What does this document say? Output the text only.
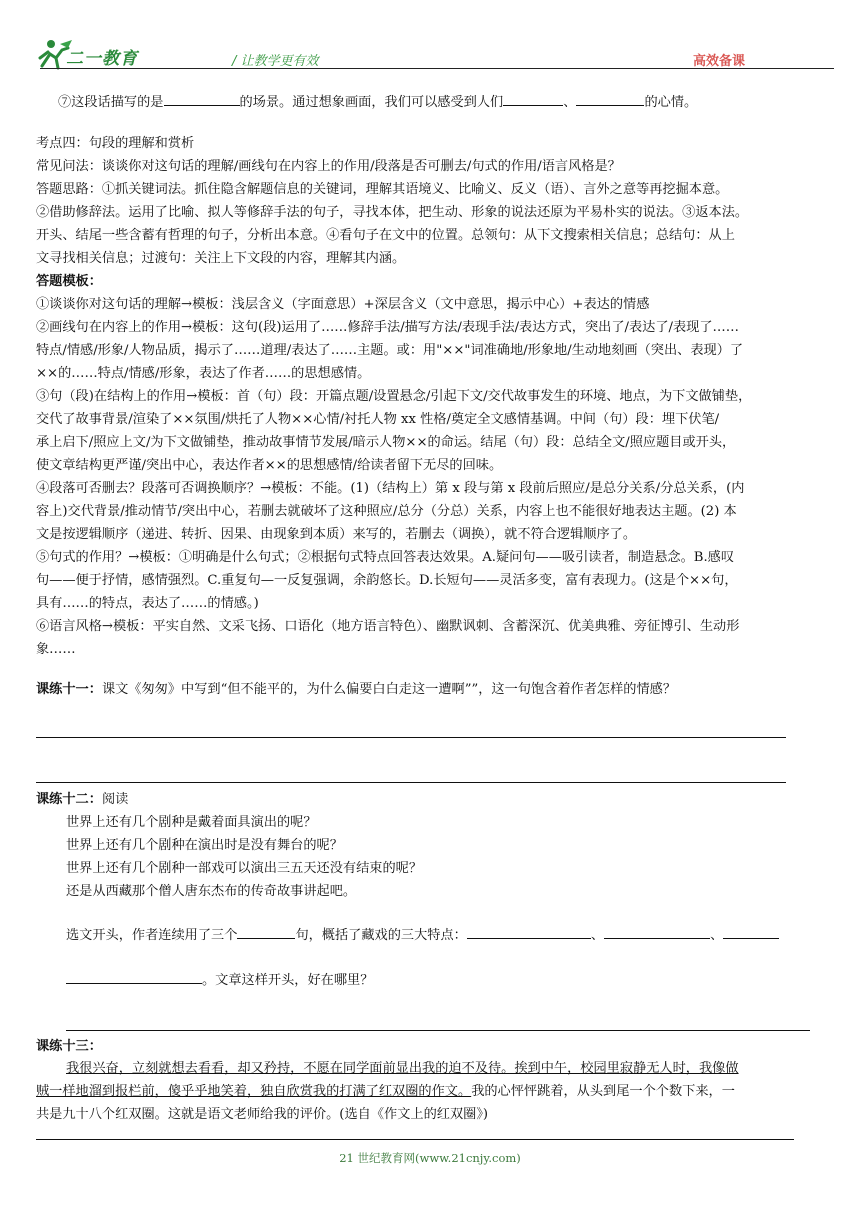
二一教育	/ 让教学更有效	高效备课
⑦这段话描写的是	的场景。通过想象画面，我们可以感受到人们	、	的心情。
考点四：句段的理解和赏析
常见问法：谈谈你对这句话的理解/画线句在内容上的作用/段落是否可删去/句式的作用/语言风格是？
答题思路：①抓关键词法。抓住隐含解题信息的关键词，理解其语境义、比喻义、反义（语）、言外之意等再挖掘本意。
②借助修辞法。运用了比喻、拟人等修辞手法的句子，寻找本体，把生动、形象的说法还原为平易朴实的说法。③返本法。
开头、结尾一些含蓄有哲理的句子，分析出本意。④看句子在文中的位置。总领句：从下文搜索相关信息；总结句：从上
文寻找相关信息；过渡句：关注上下文段的内容，理解其内涵。
答题模板：
①谈谈你对这句话的理解→模板：浅层含义（字面意思）+深层含义（文中意思，揭示中心）+表达的情感
②画线句在内容上的作用→模板：这句(段)运用了……修辞手法/描写方法/表现手法/表达方式，突出了/表达了/表现了……
特点/情感/形象/人物品质，揭示了……道理/表达了……主题。或：用"××"词准确地/形象地/生动地刻画（突出、表现）了
××的……特点/情感/形象，表达了作者……的思想感情。
③句（段)在结构上的作用→模板：首（句）段：开篇点题/设置悬念/引起下文/交代故事发生的环境、地点，为下文做铺垫，
交代了故事背景/渲染了××氛围/烘托了人物××心情/衬托人物 xx 性格/奠定全文感情基调。中间（句）段：埋下伏笔/
承上启下/照应上文/为下文做铺垫，推动故事情节发展/暗示人物××的命运。结尾（句）段：总结全文/照应题目或开头，
使文章结构更严谨/突出中心，表达作者××的思想感情/给读者留下无尽的回味。
④段落可否删去？段落可否调换顺序？→模板：不能。(1)（结构上）第 x 段与第 x 段前后照应/是总分关系/分总关系，(内
容上)交代背景/推动情节/突出中心，若删去就破坏了这种照应/总分（分总）关系，内容上也不能很好地表达主题。(2) 本
文是按逻辑顺序（递进、转折、因果、由现象到本质）来写的，若删去（调换），就不符合逻辑顺序了。
⑤句式的作用？→模板：①明确是什么句式；②根据句式特点回答表达效果。A.疑问句——吸引读者，制造悬念。B.感叹
句——便于抒情，感情强烈。C.重复句—一反复强调，余韵悠长。D.长短句——灵活多变，富有表现力。(这是个××句，
具有……的特点，表达了……的情感。)
⑥语言风格→模板：平实自然、文采飞扬、口语化（地方语言特色）、幽默讽刺、含蓄深沉、优美典雅、旁征博引、生动形
象……
课练十一：课文《匆匆》中写到“但不能平的，为什么偏要白白走这一遭啊””，这一句饱含着作者怎样的情感？
课练十二：阅读
世界上还有几个剧种是戴着面具演出的呢？
世界上还有几个剧种在演出时是没有舞台的呢？
世界上还有几个剧种一部戏可以演出三五天还没有结束的呢？
还是从西藏那个僧人唐东杰布的传奇故事讲起吧。
选文开头，作者连续用了三个	句，概括了藏戏的三大特点：	、	、
。文章这样开头，好在哪里？
课练十三：
我很兴奋，立刻就想去看看，却又矜持，不愿在同学面前显出我的迫不及待。挨到中午，校园里寂静无人时，我像做
贼一样地溜到报栏前，傻乎乎地笑着，独自欣赏我的打满了红双圈的作文。我的心怦怦跳着，从头到尾一个个数下来，一
共是九十八个红双圈。这就是语文老师给我的评价。(选自《作文上的红双圈》)
21 世纪教育网(www.21cnjy.com)
